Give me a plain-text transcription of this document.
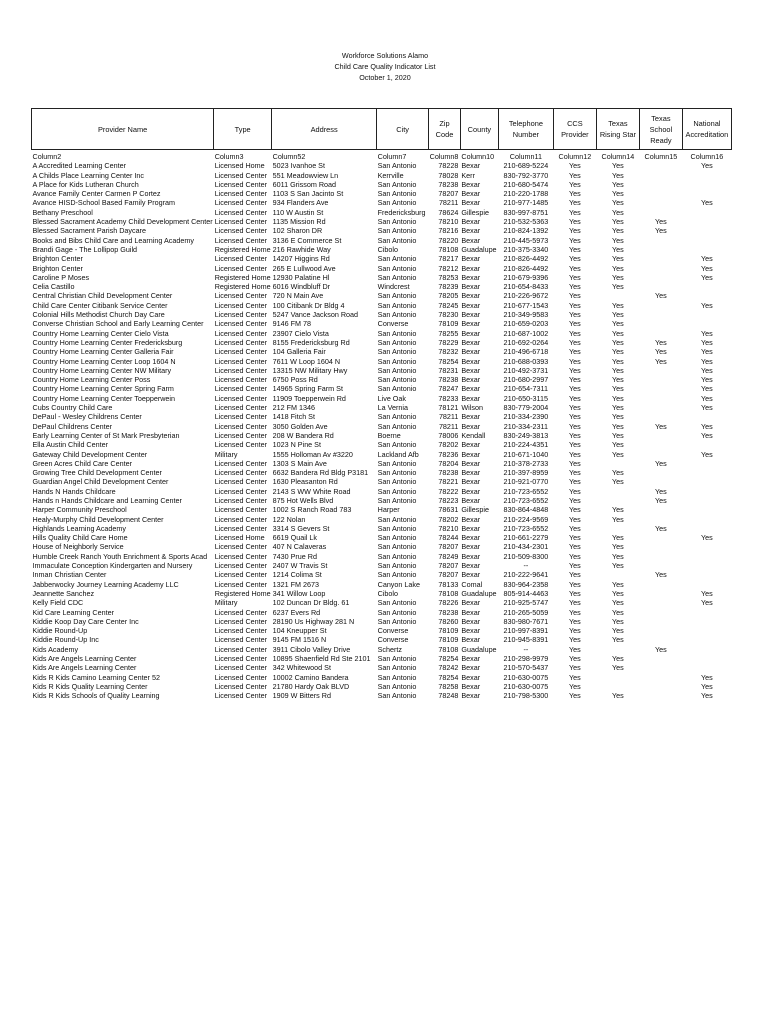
Workforce Solutions Alamo
Child Care Quality Indicator List
October 1, 2020
Provider Name	Type	Address	City	Zip Code	County	Telephone Number	CCS Provider	Texas Rising Star	Texas School Ready	National Accreditation
Column2	Column3	Column52	Column7	Column8	Column10	Column11	Column12	Column14	Column15	Column16
A Accredited Learning Center	Licensed Home	5023 Ivanhoe St	San Antonio	78228	Bexar	210-689-5224	Yes	Yes		Yes
A Childs Place Learning Center Inc	Licensed Center	551 Meadowview Ln	Kerrville	78028	Kerr	830-792-3770	Yes	Yes		
A Place for Kids Lutheran Church	Licensed Center	6011 Grissom Road	San Antonio	78238	Bexar	210-680-5474	Yes	Yes		
Avance Family Center Carmen P Cortez	Licensed Center	1103 S San Jacinto St	San Antonio	78207	Bexar	210-220-1788	Yes	Yes		
Avance HISD-School Based Family Program	Licensed Center	934 Flanders Ave	San Antonio	78211	Bexar	210-977-1485	Yes	Yes		Yes
Bethany Preschool	Licensed Center	110 W Austin St	Fredericksburg	78624	Gillespie	830-997-8751	Yes	Yes		
Blessed Sacrament Academy Child Development Center	Licensed Center	1135 Mission Rd	San Antonio	78210	Bexar	210-532-5363	Yes	Yes	Yes	
Blessed Sacrament Parish Daycare	Licensed Center	102 Sharon DR	San Antonio	78216	Bexar	210-824-1392	Yes	Yes	Yes	
Books and Bibs Child Care and Learning Academy	Licensed Center	3136 E Commerce St	San Antonio	78220	Bexar	210-445-5973	Yes	Yes		
Brandi Gage - The Lollipop Guild	Registered Home	216 Rawhide Way	Cibolo	78108	Guadalupe	210-375-3340	Yes	Yes		
Brighton Center	Licensed Center	14207 Higgins Rd	San Antonio	78217	Bexar	210-826-4492	Yes	Yes		Yes
Brighton Center	Licensed Center	265 E Lullwood Ave	San Antonio	78212	Bexar	210-826-4492	Yes	Yes		Yes
Caroline P Moses	Registered Home	12930 Palatine Hl	San Antonio	78253	Bexar	210-679-9396	Yes	Yes		Yes
Celia Castillo	Registered Home	6016 Windbluff Dr	Windcrest	78239	Bexar	210-654-8433	Yes	Yes		
Central Christian Child Development Center	Licensed Center	720 N Main Ave	San Antonio	78205	Bexar	210-226-9672	Yes		Yes	
Child Care Center Citibank Service Center	Licensed Center	100 Citibank Dr Bldg 4	San Antonio	78245	Bexar	210-677-1543	Yes	Yes		Yes
Colonial Hills Methodist Church Day Care	Licensed Center	5247 Vance Jackson Road	San Antonio	78230	Bexar	210-349-9583	Yes	Yes		
Converse Christian School and Early Learning Center	Licensed Center	9146 FM 78	Converse	78109	Bexar	210-659-0203	Yes	Yes		
Country Home Learning Center Cielo Vista	Licensed Center	23907 Cielo Vista	San Antonio	78255	Bexar	210-687-1002	Yes	Yes		Yes
Country Home Learning Center Fredericksburg	Licensed Center	8155 Fredericksburg Rd	San Antonio	78229	Bexar	210-692-0264	Yes	Yes	Yes	Yes
Country Home Learning Center Galleria Fair	Licensed Center	104 Galleria Fair	San Antonio	78232	Bexar	210-496-6718	Yes	Yes	Yes	Yes
Country Home Learning Center Loop 1604 N	Licensed Center	7611 W Loop 1604 N	San Antonio	78254	Bexar	210-688-0393	Yes	Yes	Yes	Yes
Country Home Learning Center NW Military	Licensed Center	13315 NW Military Hwy	San Antonio	78231	Bexar	210-492-3731	Yes	Yes		Yes
Country Home Learning Center Poss	Licensed Center	6750 Poss Rd	San Antonio	78238	Bexar	210-680-2997	Yes	Yes		Yes
Country Home Learning Center Spring Farm	Licensed Center	14965 Spring Farm St	San Antonio	78247	Bexar	210-654-7311	Yes	Yes		Yes
Country Home Learning Center Toepperwein	Licensed Center	11909 Toepperwein Rd	Live Oak	78233	Bexar	210-650-3115	Yes	Yes		Yes
Cubs Country Child Care	Licensed Center	212 FM 1346	La Vernia	78121	Wilson	830-779-2004	Yes	Yes		Yes
DePaul - Wesley Childrens Center	Licensed Center	1418 Fitch St	San Antonio	78211	Bexar	210-334-2390	Yes	Yes		
DePaul Childrens Center	Licensed Center	3050 Golden Ave	San Antonio	78211	Bexar	210-334-2311	Yes	Yes	Yes	Yes
Early Learning Center of St Mark Presbyterian	Licensed Center	208 W Bandera Rd	Boerne	78006	Kendall	830-249-3813	Yes	Yes		Yes
Ella Austin Child Center	Licensed Center	1023 N Pine St	San Antonio	78202	Bexar	210-224-4351	Yes	Yes		
Gateway Child Development Center	Military	1555 Holloman Av #3220	Lackland Afb	78236	Bexar	210-671-1040	Yes	Yes		Yes
Green Acres Child Care Center	Licensed Center	1303 S Main Ave	San Antonio	78204	Bexar	210-378-2733	Yes		Yes	
Growing Tree Child Development Center	Licensed Center	6632 Bandera Rd Bldg P3181	San Antonio	78238	Bexar	210-397-8959	Yes	Yes		
Guardian Angel Child Development Center	Licensed Center	1630 Pleasanton Rd	San Antonio	78221	Bexar	210-921-0770	Yes	Yes		
Hands N Hands Childcare	Licensed Center	2143 S WW White Road	San Antonio	78222	Bexar	210-723-6552	Yes		Yes	
Hands n Hands Childcare and Learning Center	Licensed Center	875 Hot Wells Blvd	San Antonio	78223	Bexar	210-723-6552	Yes		Yes	
Harper Community Preschool	Licensed Center	1002 S Ranch Road 783	Harper	78631	Gillespie	830-864-4848	Yes	Yes		
Healy-Murphy Child Development Center	Licensed Center	122 Nolan	San Antonio	78202	Bexar	210-224-9569	Yes	Yes		
Highlands Learning Academy	Licensed Center	3314 S Gevers St	San Antonio	78210	Bexar	210-723-6552	Yes		Yes	
Hills Quality Child Care Home	Licensed Home	6619 Quail Lk	San Antonio	78244	Bexar	210-661-2279	Yes	Yes		Yes
House of Neighborly Service	Licensed Center	407 N Calaveras	San Antonio	78207	Bexar	210-434-2301	Yes	Yes		
Humble Creek Ranch Youth Enrichment & Sports Acad	Licensed Center	7430 Prue Rd	San Antonio	78249	Bexar	210-509-8300	Yes	Yes		
Immaculate Conception Kindergarten and Nursery	Licensed Center	2407 W Travis St	San Antonio	78207	Bexar	--	Yes	Yes		
Inman Christian Center	Licensed Center	1214 Colima St	San Antonio	78207	Bexar	210-222-9641	Yes		Yes	
Jabberwocky Journey Learning Academy LLC	Licensed Center	1321 FM 2673	Canyon Lake	78133	Comal	830-964-2358	Yes	Yes		
Jeannette Sanchez	Registered Home	341 Willow Loop	Cibolo	78108	Guadalupe	805-914-4463	Yes	Yes		Yes
Kelly Field CDC	Military	102 Duncan Dr Bldg. 61	San Antonio	78226	Bexar	210-925-5747	Yes	Yes		Yes
Kid Care Learning Center	Licensed Center	6237 Evers Rd	San Antonio	78238	Bexar	210-265-5059	Yes	Yes		
Kiddie Koop Day Care Center Inc	Licensed Center	28190 Us Highway 281 N	San Antonio	78260	Bexar	830-980-7671	Yes	Yes		
Kiddie Round-Up	Licensed Center	104 Kneupper St	Converse	78109	Bexar	210-997-8391	Yes	Yes		
Kiddie Round-Up Inc	Licensed Center	9145 FM 1516 N	Converse	78109	Bexar	210-945-8391	Yes	Yes		
Kids Academy	Licensed Center	3911 Cibolo Valley Drive	Schertz	78108	Guadalupe	--	Yes		Yes	
Kids Are Angels Learning Center	Licensed Center	10895 Shaenfield Rd Ste 2101	San Antonio	78254	Bexar	210-298-9979	Yes	Yes		
Kids Are Angels Learning Center	Licensed Center	342 Whitewood St	San Antonio	78242	Bexar	210-570-5437	Yes	Yes		
Kids R Kids Camino Learning Center 52	Licensed Center	10002 Camino Bandera	San Antonio	78254	Bexar	210-630-0075	Yes			Yes
Kids R Kids Quality Learning Center	Licensed Center	21780 Hardy Oak BLVD	San Antonio	78258	Bexar	210-630-0075	Yes			Yes
Kids R Kids Schools of Quality Learning	Licensed Center	1909 W Bitters Rd	San Antonio	78248	Bexar	210-798-5300	Yes	Yes		Yes
